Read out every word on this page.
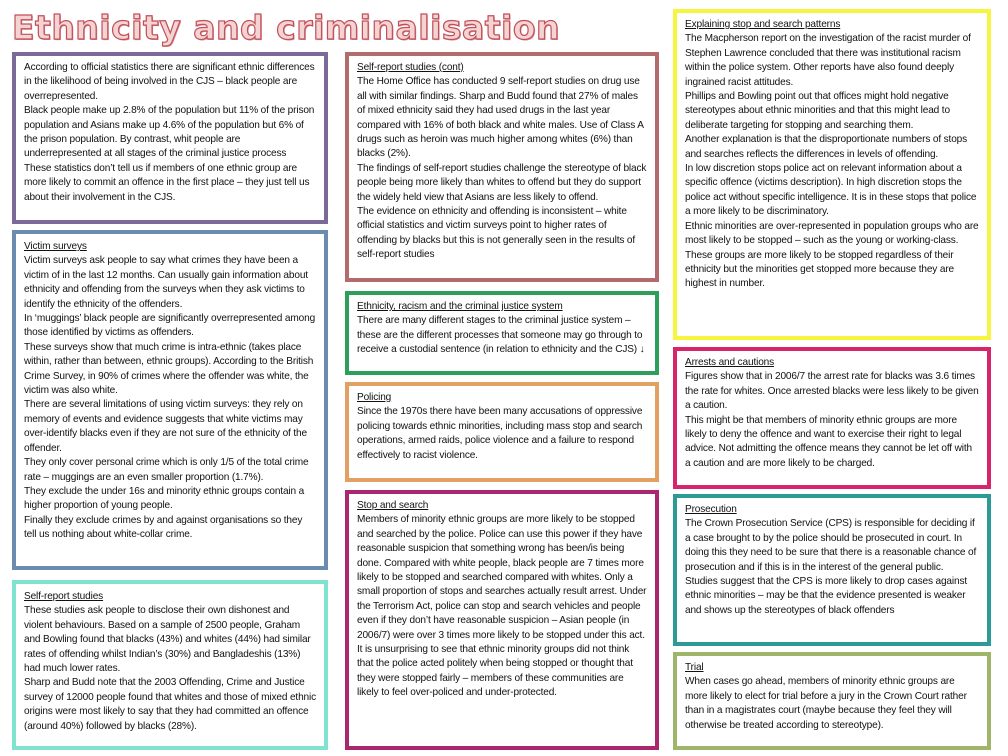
Ethnicity and criminalisation

According to official statistics there are significant ethnic differences in the likelihood of being involved in the CJS – black people are overrepresented.

Black people make up 2.8% of the population but 11% of the prison population and Asians make up 4.6% of the population but 6% of the prison population. By contrast, whit people are underrepresented at all stages of the criminal justice process

These statistics don’t tell us if members of one ethnic group are more likely to commit an offence in the first place – they just tell us about their involvement in the CJS.

Victim surveys

Victim surveys ask people to say what crimes they have been a victim of in the last 12 months. Can usually gain information about ethnicity and offending from the surveys when they ask victims to identify the ethnicity of the offenders.

In ‘muggings’ black people are significantly overrepresented among those identified by victims as offenders.

These surveys show that much crime is intra-ethnic (takes place within, rather than between, ethnic groups). According to the British Crime Survey, in 90% of crimes where the offender was white, the victim was also white.

There are several limitations of using victim surveys: they rely on memory of events and evidence suggests that white victims may over-identify blacks even if they are not sure of the ethnicity of the offender.

They only cover personal crime which is only 1/5 of the total crime rate – muggings are an even smaller proportion (1.7%).

They exclude the under 16s and minority ethnic groups contain a higher proportion of young people.

Finally they exclude crimes by and against organisations so they tell us nothing about white-collar crime.

Self-report studies

These studies ask people to disclose their own dishonest and violent behaviours. Based on a sample of 2500 people, Graham and Bowling found that blacks (43%) and whites (44%) had similar rates of offending whilst Indian’s (30%) and Bangladeshis (13%) had much lower rates.

Sharp and Budd note that the 2003 Offending, Crime and Justice survey of 12000 people found that whites and those of mixed ethnic origins were most likely to say that they had committed an offence (around 40%) followed by blacks (28%).

Self-report studies (cont)

The Home Office has conducted 9 self-report studies on drug use all with similar findings. Sharp and Budd found that 27% of males of mixed ethnicity said they had used drugs in the last year compared with 16% of both black and white males. Use of Class A drugs such as heroin was much higher among whites (6%) than blacks (2%).

The findings of self-report studies challenge the stereotype of black people being more likely than whites to offend but they do support the widely held view that Asians are less likely to offend.

The evidence on ethnicity and offending is inconsistent – white official statistics and victim surveys point to higher rates of offending by blacks but this is not generally seen in the results of self-report studies

Ethnicity, racism and the criminal justice system

There are many different stages to the criminal justice system – these are the different processes that someone may go through to receive a custodial sentence (in relation to ethnicity and the CJS) ↓

Policing

Since the 1970s there have been many accusations of oppressive policing towards ethnic minorities, including mass stop and search operations, armed raids, police violence and a failure to respond effectively to racist violence.

Stop and search

Members of minority ethnic groups are more likely to be stopped and searched by the police. Police can use this power if they have reasonable suspicion that something wrong has been/is being done. Compared with white people, black people are 7 times more likely to be stopped and searched compared with whites. Only a small proportion of stops and searches actually result arrest. Under the Terrorism Act, police can stop and search vehicles and people even if they don’t have reasonable suspicion – Asian people (in 2006/7) were over 3 times more likely to be stopped under this act.

It is unsurprising to see that ethnic minority groups did not think that the police acted politely when being stopped or thought that they were stopped fairly – members of these communities are likely to feel over-policed and under-protected.

Explaining stop and search patterns

The Macpherson report on the investigation of the racist murder of Stephen Lawrence concluded that there was institutional racism within the police system. Other reports have also found deeply ingrained racist attitudes.

Phillips and Bowling point out that offices might hold negative stereotypes about ethnic minorities and that this might lead to deliberate targeting for stopping and searching them.

Another explanation is that the disproportionate numbers of stops and searches reflects the differences in levels of offending.

In low discretion stops police act on relevant information about a specific offence (victims description). In high discretion stops the police act without specific intelligence. It is in these stops that police a more likely to be discriminatory.

Ethnic minorities are over-represented in population groups who are most likely to be stopped – such as the young or working-class. These groups are more likely to be stopped regardless of their ethnicity but the minorities get stopped more because they are highest in number.

Arrests and cautions

Figures show that in 2006/7 the arrest rate for blacks was 3.6 times the rate for whites. Once arrested blacks were less likely to be given a caution.

This might be that members of minority ethnic groups are more likely to deny the offence and want to exercise their right to legal advice. Not admitting the offence means they cannot be let off with a caution and are more likely to be charged.

Prosecution

The Crown Prosecution Service (CPS) is responsible for deciding if a case brought to by the police should be prosecuted in court. In doing this they need to be sure that there is a reasonable chance of prosecution and if this is in the interest of the general public.

Studies suggest that the CPS is more likely to drop cases against ethnic minorities – may be that the evidence presented is weaker and shows up the stereotypes of black offenders

Trial

When cases go ahead, members of minority ethnic groups are more likely to elect for trial before a jury in the Crown Court rather than in a magistrates court (maybe because they feel they will otherwise be treated according to stereotype).
